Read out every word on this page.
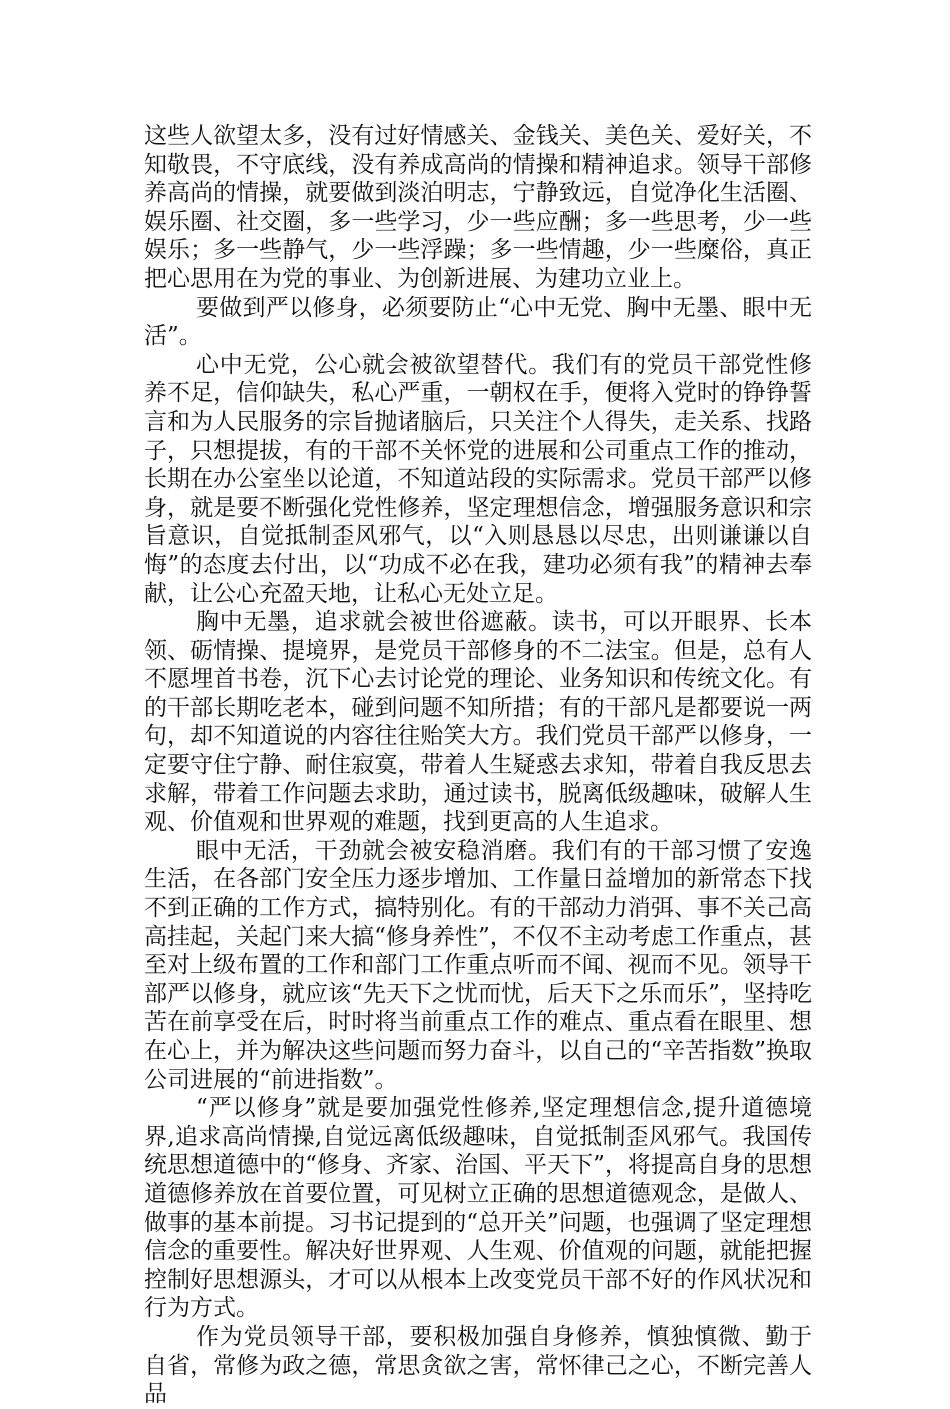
这些人欲望太多，没有过好情感关、金钱关、美色关、爱好关，不知敬畏，不守底线，没有养成高尚的情操和精神追求。领导干部修养高尚的情操，就要做到淡泊明志，宁静致远，自觉净化生活圈、娱乐圈、社交圈，多一些学习，少一些应酬；多一些思考，少一些娱乐；多一些静气，少一些浮躁；多一些情趣，少一些糜俗，真正把心思用在为党的事业、为创新进展、为建功立业上。

要做到严以修身，必须要防止“心中无党、胸中无墨、眼中无活”。

心中无党，公心就会被欲望替代。我们有的党员干部党性修养不足，信仰缺失，私心严重，一朝权在手，便将入党时的铮铮誓言和为人民服务的宗旨抛诸脑后，只关注个人得失，走关系、找路子，只想提拔，有的干部不关怀党的进展和公司重点工作的推动，长期在办公室坐以论道，不知道站段的实际需求。党员干部严以修身，就是要不断强化党性修养，坚定理想信念，增强服务意识和宗旨意识，自觉抵制歪风邪气，以“入则恳恳以尽忠，出则谦谦以自悔”的态度去付出，以“功成不必在我，建功必须有我”的精神去奉献，让公心充盈天地，让私心无处立足。

胸中无墨，追求就会被世俗遮蔽。读书，可以开眼界、长本领、砺情操、提境界，是党员干部修身的不二法宝。但是，总有人不愿埋首书卷，沉下心去讨论党的理论、业务知识和传统文化。有的干部长期吃老本，碰到问题不知所措；有的干部凡是都要说一两句，却不知道说的内容往往贻笑大方。我们党员干部严以修身，一定要守住宁静、耐住寂寞，带着人生疑惑去求知，带着自我反思去求解，带着工作问题去求助，通过读书，脱离低级趣味，破解人生观、价值观和世界观的难题，找到更高的人生追求。

眼中无活，干劲就会被安稳消磨。我们有的干部习惯了安逸生活，在各部门安全压力逐步增加、工作量日益增加的新常态下找不到正确的工作方式，搞特别化。有的干部动力消弭、事不关己高高挂起，关起门来大搞“修身养性”，不仅不主动考虑工作重点，甚至对上级布置的工作和部门工作重点听而不闻、视而不见。领导干部严以修身，就应该“先天下之忧而忧，后天下之乐而乐”，坚持吃苦在前享受在后，时时将当前重点工作的难点、重点看在眼里、想在心上，并为解决这些问题而努力奋斗，以自己的“辛苦指数”换取公司进展的“前进指数”。

“严以修身”就是要加强党性修养,坚定理想信念,提升道德境界,追求高尚情操,自觉远离低级趣味，自觉抵制歪风邪气。我国传统思想道德中的“修身、齐家、治国、平天下”，将提高自身的思想道德修养放在首要位置，可见树立正确的思想道德观念，是做人、做事的基本前提。习书记提到的“总开关”问题，也强调了坚定理想信念的重要性。解决好世界观、人生观、价值观的问题，就能把握控制好思想源头，才可以从根本上改变党员干部不好的作风状况和行为方式。

作为党员领导干部，要积极加强自身修养，慎独慎微、勤于自省，常修为政之德，常思贪欲之害，常怀律己之心，不断完善人品
